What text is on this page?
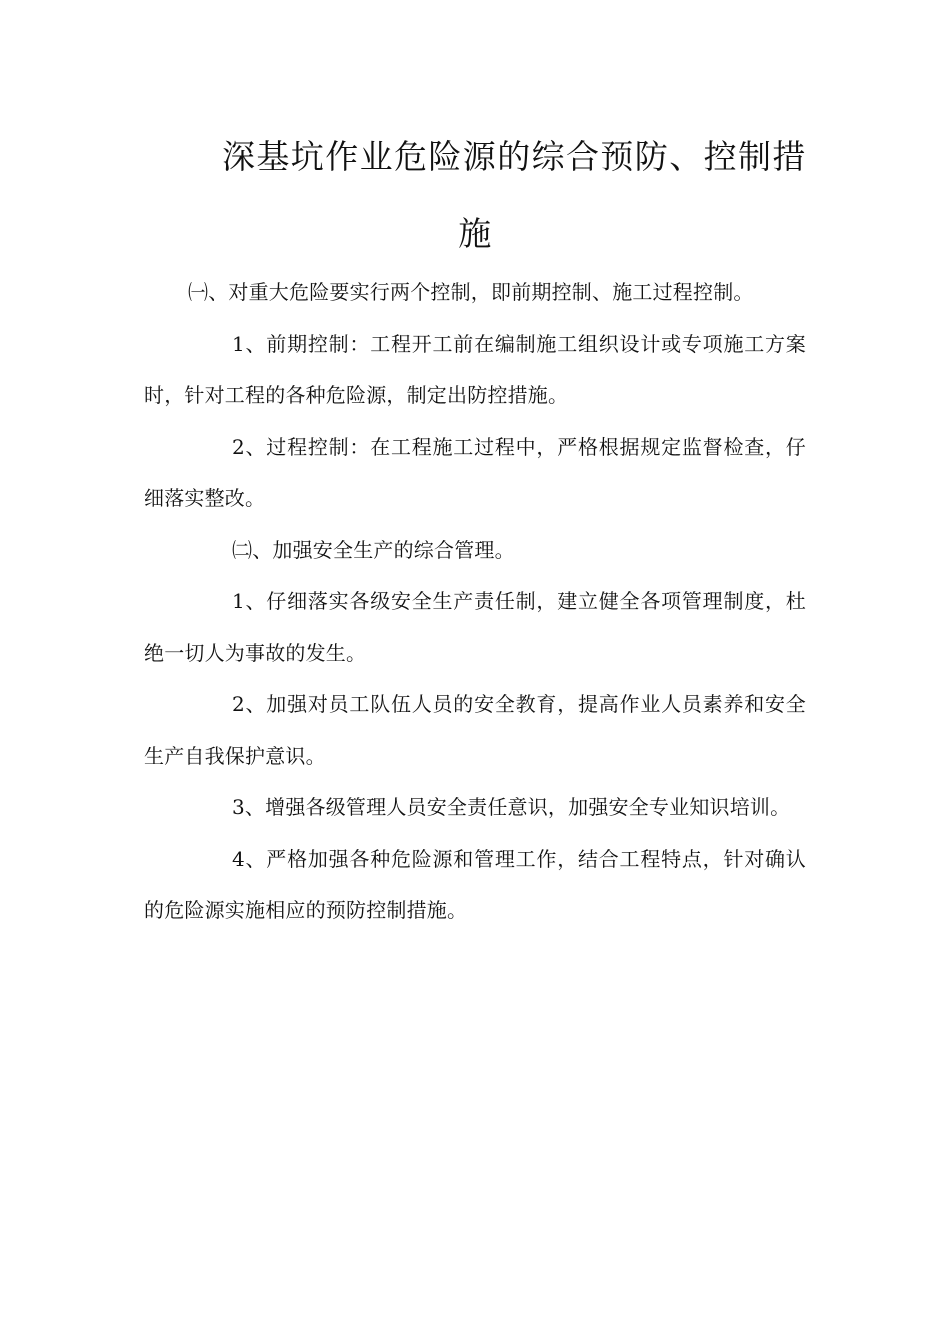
深基坑作业危险源的综合预防、控制措施

㈠、对重大危险要实行两个控制，即前期控制、施工过程控制。

1、前期控制：工程开工前在编制施工组织设计或专项施工方案时，针对工程的各种危险源，制定出防控措施。

2、过程控制：在工程施工过程中，严格根据规定监督检查，仔细落实整改。

㈡、加强安全生产的综合管理。

1、仔细落实各级安全生产责任制，建立健全各项管理制度，杜绝一切人为事故的发生。

2、加强对员工队伍人员的安全教育，提高作业人员素养和安全生产自我保护意识。

3、增强各级管理人员安全责任意识，加强安全专业知识培训。

4、严格加强各种危险源和管理工作，结合工程特点，针对确认的危险源实施相应的预防控制措施。
